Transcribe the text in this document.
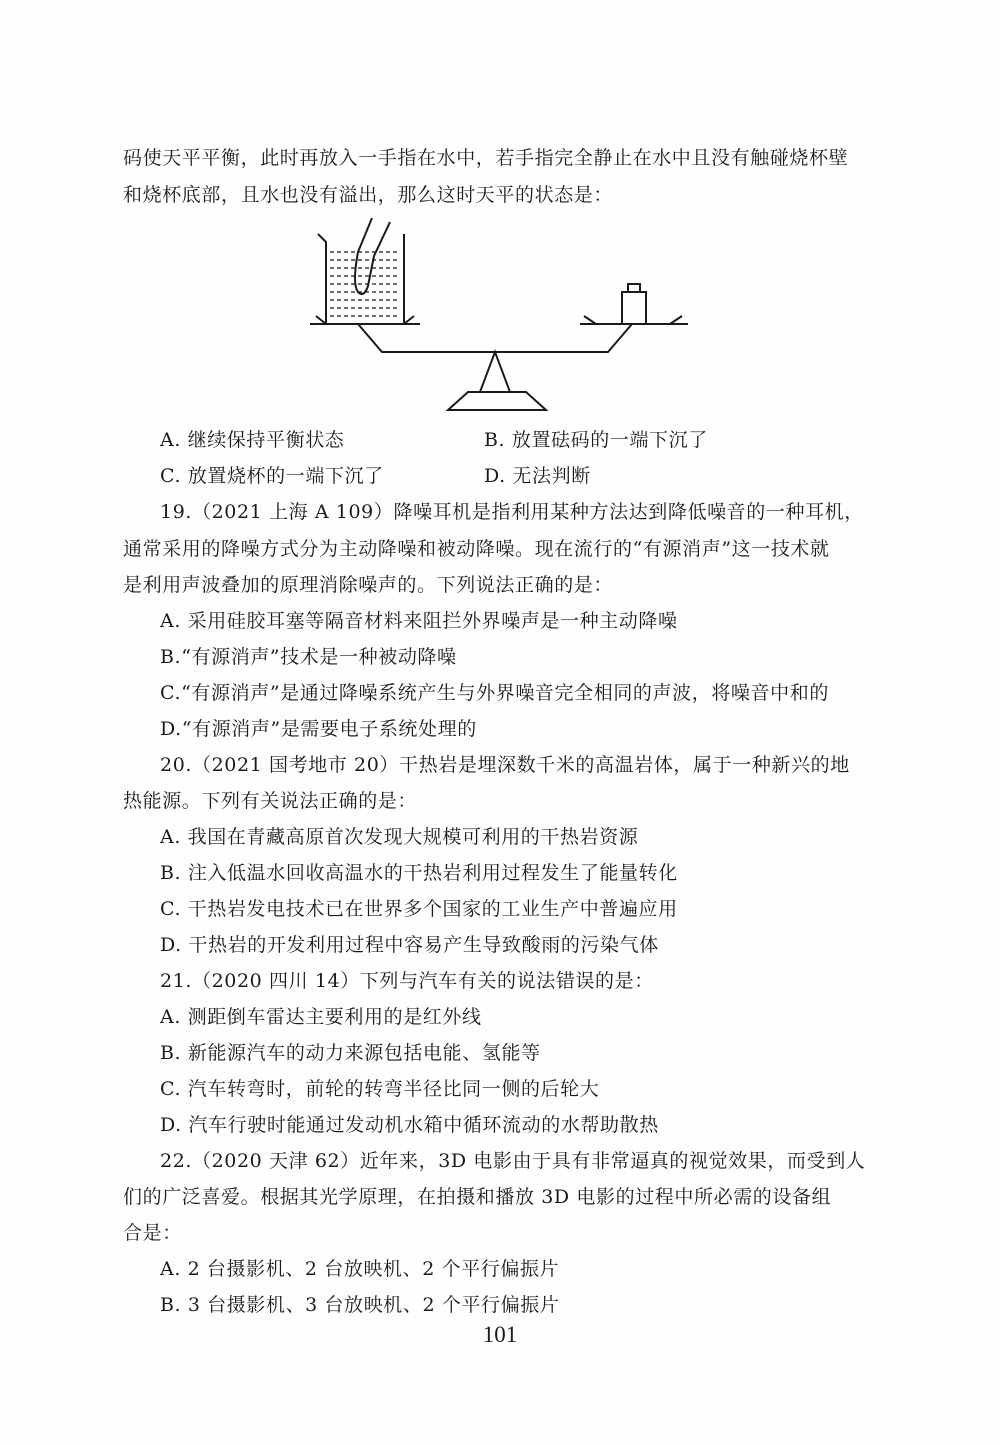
码使天平平衡，此时再放入一手指在水中，若手指完全静止在水中且没有触碰烧杯壁
和烧杯底部，且水也没有溢出，那么这时天平的状态是：
A. 继续保持平衡状态	B. 放置砝码的一端下沉了
C. 放置烧杯的一端下沉了	D. 无法判断
19.（2021 上海 A 109）降噪耳机是指利用某种方法达到降低噪音的一种耳机，
通常采用的降噪方式分为主动降噪和被动降噪。现在流行的“有源消声”这一技术就
是利用声波叠加的原理消除噪声的。下列说法正确的是：
A. 采用硅胶耳塞等隔音材料来阻拦外界噪声是一种主动降噪
B.“有源消声”技术是一种被动降噪
C.“有源消声”是通过降噪系统产生与外界噪音完全相同的声波，将噪音中和的
D.“有源消声”是需要电子系统处理的
20.（2021 国考地市 20）干热岩是埋深数千米的高温岩体，属于一种新兴的地
热能源。下列有关说法正确的是：
A. 我国在青藏高原首次发现大规模可利用的干热岩资源
B. 注入低温水回收高温水的干热岩利用过程发生了能量转化
C. 干热岩发电技术已在世界多个国家的工业生产中普遍应用
D. 干热岩的开发利用过程中容易产生导致酸雨的污染气体
21.（2020 四川 14）下列与汽车有关的说法错误的是：
A. 测距倒车雷达主要利用的是红外线
B. 新能源汽车的动力来源包括电能、氢能等
C. 汽车转弯时，前轮的转弯半径比同一侧的后轮大
D. 汽车行驶时能通过发动机水箱中循环流动的水帮助散热
22.（2020 天津 62）近年来，3D 电影由于具有非常逼真的视觉效果，而受到人
们的广泛喜爱。根据其光学原理，在拍摄和播放 3D 电影的过程中所必需的设备组
合是：
A. 2 台摄影机、2 台放映机、2 个平行偏振片
B. 3 台摄影机、3 台放映机、2 个平行偏振片
101
